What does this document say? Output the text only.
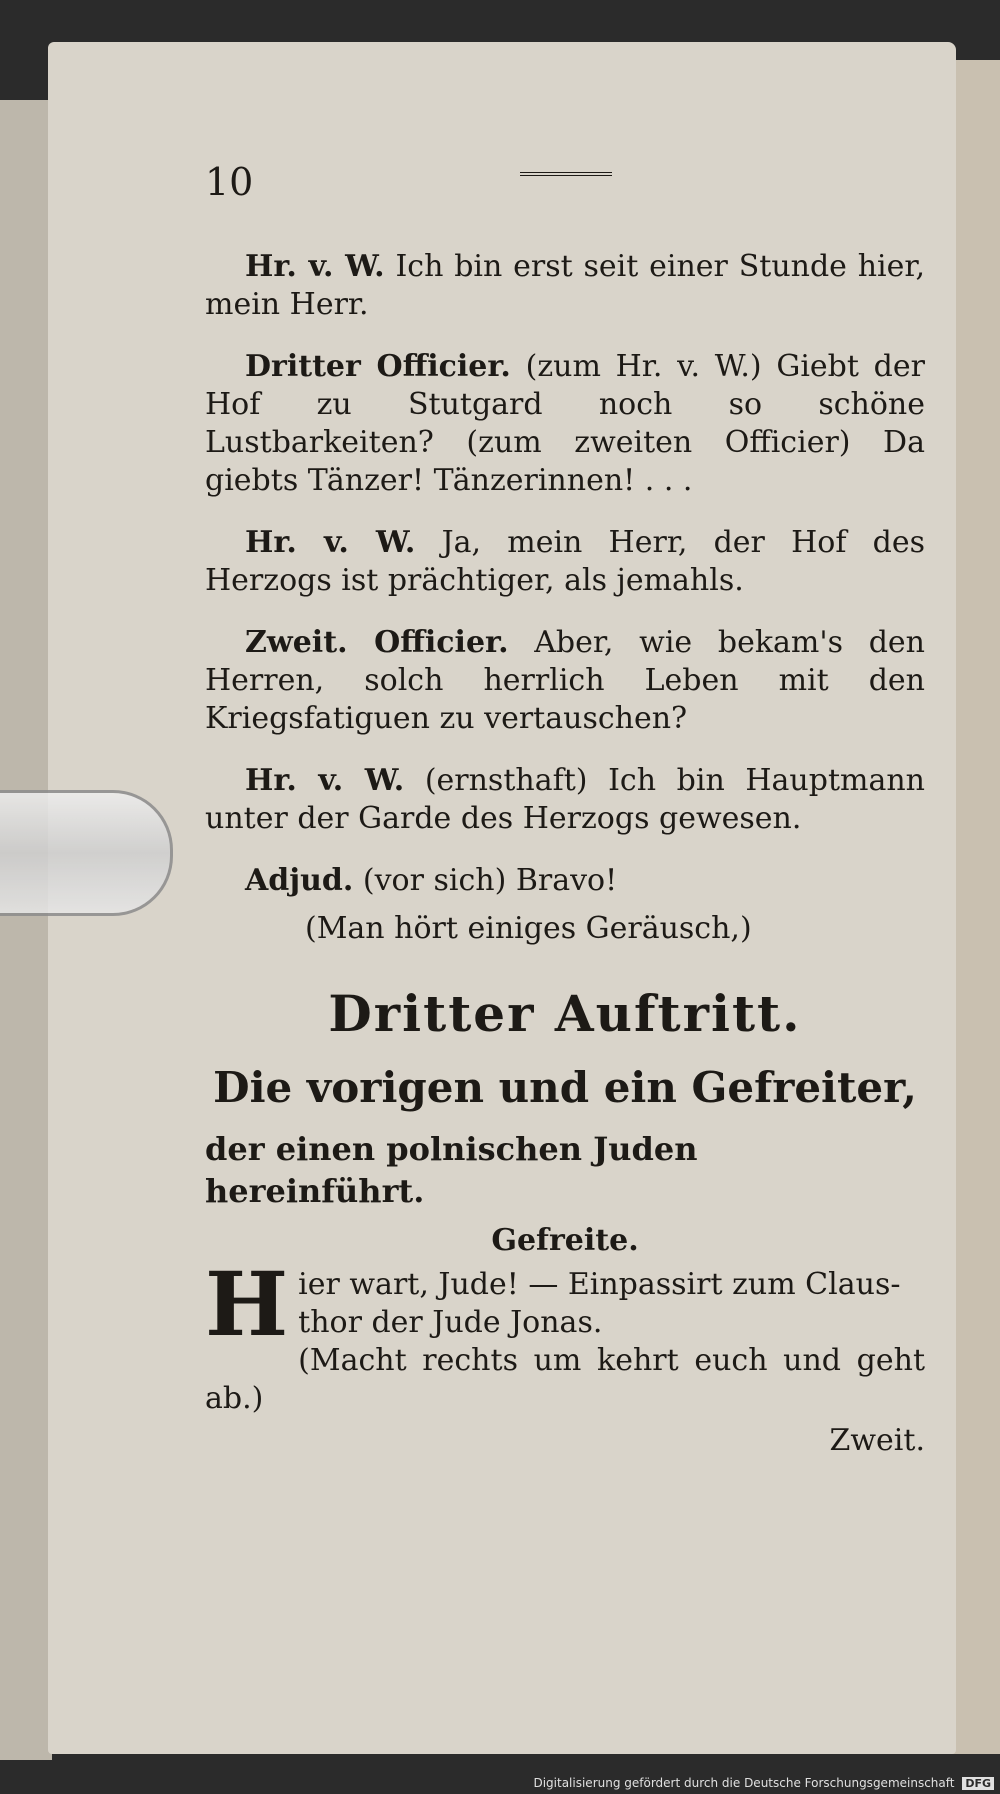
10

Hr. v. W. Ich bin erst seit einer Stunde hier, mein Herr.

Dritter Officier. (zum Hr. v. W.) Giebt der Hof zu Stutgard noch so schöne Lustbarkeiten? (zum zweiten Officier) Da giebts Tänzer! Tänzerinnen! . . .

Hr. v. W. Ja, mein Herr, der Hof des Herzogs ist prächtiger, als jemahls.

Zweit. Officier. Aber, wie bekam's den Herren, solch herrlich Leben mit den Kriegsfatiguen zu vertauschen?

Hr. v. W. (ernsthaft) Ich bin Hauptmann unter der Garde des Herzogs gewesen.

Adjud. (vor sich) Bravo!

(Man hört einiges Geräusch,)

Dritter Auftritt.
Die vorigen und ein Gefreiter,
der einen polnischen Juden hereinführt.
Gefreite.

H ier wart, Jude! — Einpassirt zum Claus-thor der Jude Jonas.

(Macht rechts um kehrt euch und geht ab.)

Zweit.
Digitalisierung gefördert durch die Deutsche Forschungsgemeinschaft DFG
